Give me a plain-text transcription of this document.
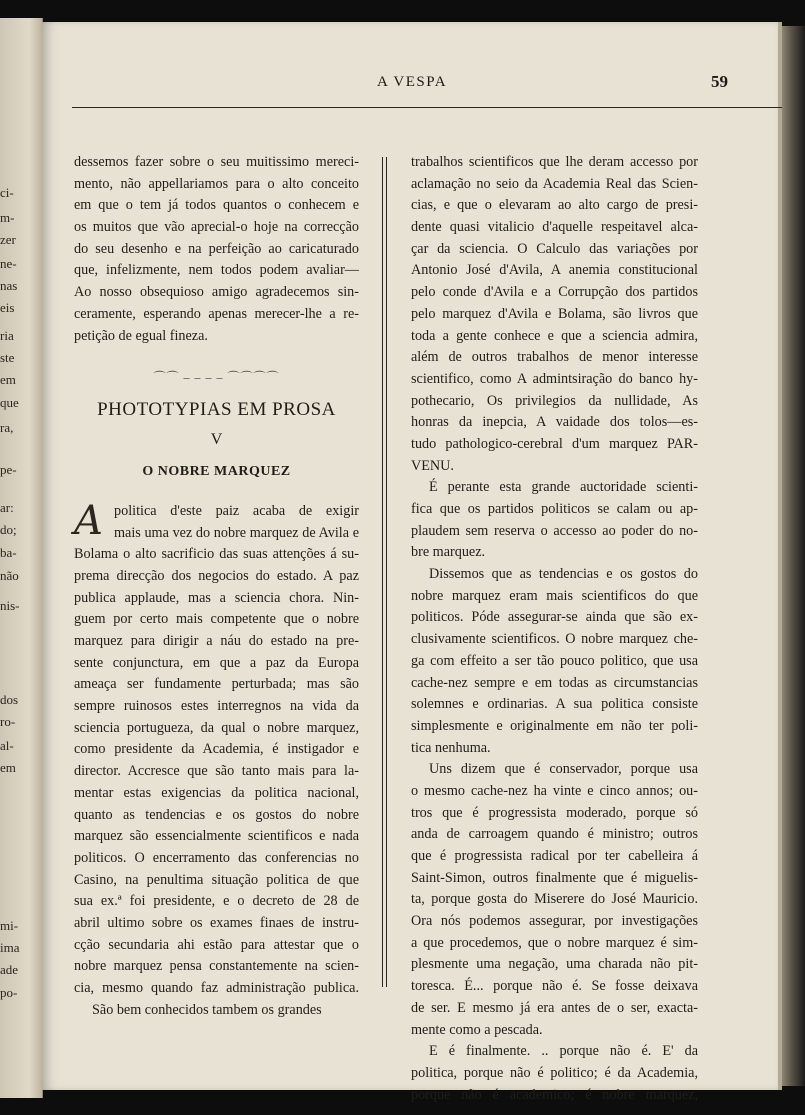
ci-
m-
zer
ne-
nas
eis
ria
ste
em
que
ra,
pe-
ar:
do;
ba-
não
nis-
dos
ro-
al-
em
mi-
ima
ade
po-
A VESPA	59
dessemos fazer sobre o seu muitissimo mereci-
mento, não appellariamos para o alto conceito
em que o tem já todos quantos o conhecem e
os muitos que vão aprecial-o hoje na correcção
do seu desenho e na perfeição ao caricaturado
que, infelizmente, nem todos podem avaliar—
Ao nosso obsequioso amigo agradecemos sin-
ceramente, esperando apenas merecer-lhe a re-
petição de egual fineza.
⌒⌒ ‒ ‒ ‒ ‒ ⌒⌒⌒⌒
PHOTOTYPIAS EM PROSA
V
O NOBRE MARQUEZ
A politica d'este paiz acaba de exigir
mais uma vez do nobre marquez de Avila e
Bolama o alto sacrificio das suas attenções á su-
prema direcção dos negocios do estado. A paz
publica applaude, mas a sciencia chora. Nin-
guem por certo mais competente que o nobre
marquez para dirigir a náu do estado na pre-
sente conjunctura, em que a paz da Europa
ameaça ser fundamente perturbada; mas são
sempre ruinosos estes interregnos na vida da
sciencia portugueza, da qual o nobre marquez,
como presidente da Academia, é instigador e
director. Accresce que são tanto mais para la-
mentar estas exigencias da politica nacional,
quanto as tendencias e os gostos do nobre
marquez são essencialmente scientificos e nada
politicos. O encerramento das conferencias no
Casino, na penultima situação politica de que
sua ex.ª foi presidente, e o decreto de 28 de
abril ultimo sobre os exames finaes de instru-
cção secundaria ahi estão para attestar que o
nobre marquez pensa constantemente na scien-
cia, mesmo quando faz administração publica.
São bem conhecidos tambem os grandes
trabalhos scientificos que lhe deram accesso por
aclamação no seio da Academia Real das Scien-
cias, e que o elevaram ao alto cargo de presi-
dente quasi vitalicio d'aquelle respeitavel alca-
çar da sciencia. O Calculo das variações por
Antonio José d'Avila, A anemia constitucional
pelo conde d'Avila e a Corrupção dos partidos
pelo marquez d'Avila e Bolama, são livros que
toda a gente conhece e que a sciencia admira,
além de outros trabalhos de menor interesse
scientifico, como A admintsiração do banco hy-
pothecario, Os privilegios da nullidade, As
honras da inepcia, A vaidade dos tolos—es-
tudo pathologico-cerebral d'um marquez PAR-
VENU.
É perante esta grande auctoridade scienti-
fica que os partidos politicos se calam ou ap-
plaudem sem reserva o accesso ao poder do no-
bre marquez.
Dissemos que as tendencias e os gostos do
nobre marquez eram mais scientificos do que
politicos. Póde assegurar-se ainda que são ex-
clusivamente scientificos. O nobre marquez che-
ga com effeito a ser tão pouco politico, que usa
cache-nez sempre e em todas as circumstancias
solemnes e ordinarias. A sua politica consiste
simplesmente e originalmente em não ter poli-
tica nenhuma.
Uns dizem que é conservador, porque usa
o mesmo cache-nez ha vinte e cinco annos; ou-
tros que é progressista moderado, porque só
anda de carroagem quando é ministro; outros
que é progressista radical por ter cabelleira á
Saint-Simon, outros finalmente que é miguelis-
ta, porque gosta do Miserere do José Mauricio.
Ora nós podemos assegurar, por investigações
a que procedemos, que o nobre marquez é sim-
plesmente uma negação, uma charada não pit-
toresca. É... porque não é. Se fosse deixava
de ser. E mesmo já era antes de o ser, exacta-
mente como a pescada.
E é finalmente. .. porque não é. E' da
politica, porque não é politico; é da Academia,
porque não é academico; é nobre marquez,
